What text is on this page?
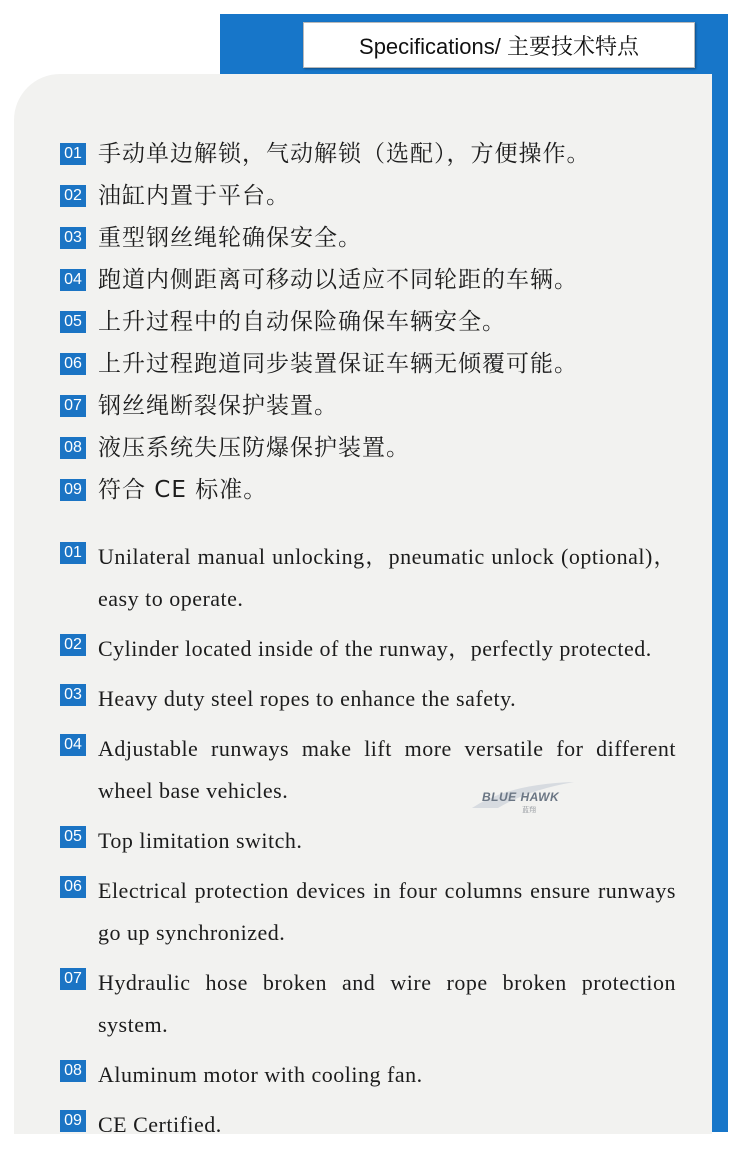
Specifications/ 主要技术特点
01 手动单边解锁，气动解锁（选配），方便操作。
02 油缸内置于平台。
03 重型钢丝绳轮确保安全。
04 跑道内侧距离可移动以适应不同轮距的车辆。
05 上升过程中的自动保险确保车辆安全。
06 上升过程跑道同步装置保证车辆无倾覆可能。
07 钢丝绳断裂保护装置。
08 液压系统失压防爆保护装置。
09 符合 CE 标准。
01 Unilateral manual unlocking，pneumatic unlock (optional)，easy to operate.
02 Cylinder located inside of the runway，perfectly protected.
03 Heavy duty steel ropes to enhance the safety.
04 Adjustable runways make lift more versatile for different wheel base vehicles.
05 Top limitation switch.
06 Electrical protection devices in four columns ensure runways go up synchronized.
07 Hydraulic hose broken and wire rope broken protection system.
08 Aluminum motor with cooling fan.
09 CE Certified.
BLUE HAWK
蓝翔
